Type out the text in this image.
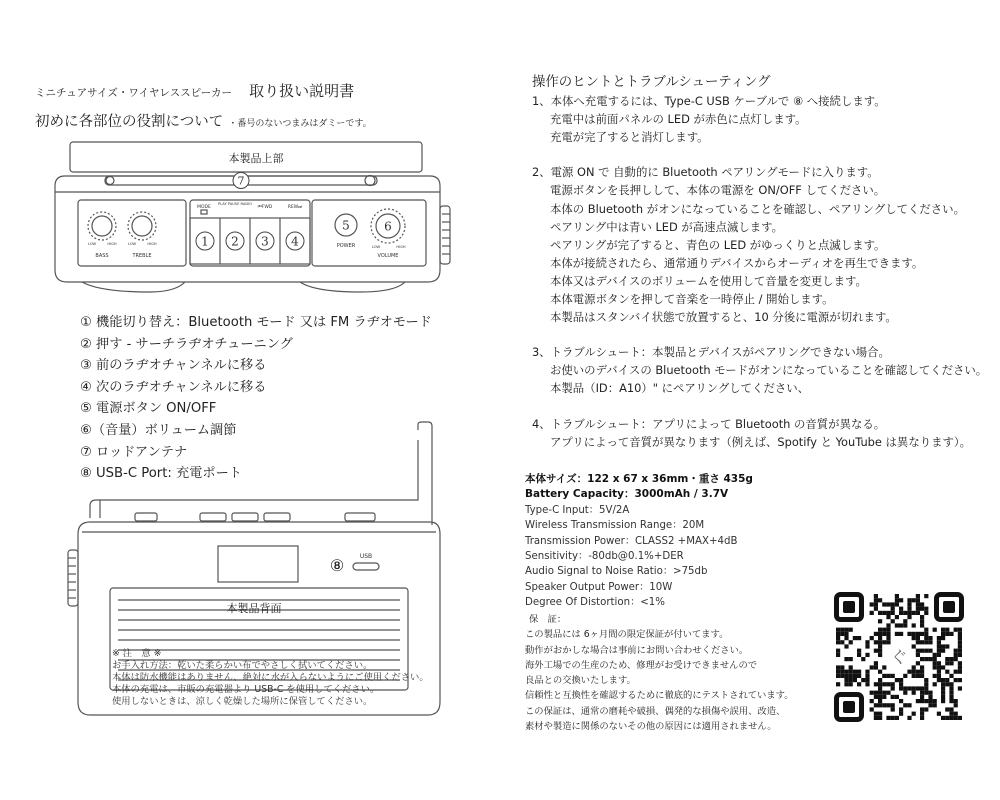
ミニチュアサイズ・ワイヤレススピーカー 取り扱い説明書
初めに各部位の役割について ・番号のないつまみはダミーです。
1 2 3 4
5	6
7
MODE
PLAY PAUSE RADIO
⏮FWD	REW⏭
BASS	TREBLE
POWER
VOLUME
LOW	HIGH	LOW	HIGH
LOW	HIGH
本製品上部
① 機能切り替え：Bluetooth モード 又は FM ラヂオモード
② 押す - サーチラヂオチューニング
③ 前のラヂオチャンネルに移る
④ 次のラヂオチャンネルに移る
⑤ 電源ボタン ON/OFF
⑥（音量）ボリューム調節
⑦ ロッドアンテナ
⑧ USB-C Port: 充電ポート
⑧	USB
本製品背面
※ 注　意 ※
お手入れ方法：乾いた柔らかい布でやさしく拭いてください。
本体は防水機能はありません、絶対に水が入らないようにご使用ください。
本体の充電は、市販の充電器より USB-C を使用してください。
使用しないときは、涼しく乾燥した場所に保管してください。
操作のヒントとトラブルシューティング
1、本体へ充電するには、Type-C USB ケーブルで ⑧ へ接続します。
充電中は前面パネルの LED が赤色に点灯します。
充電が完了すると消灯します。
2、電源 ON で 自動的に Bluetooth ペアリングモードに入ります。
電源ボタンを長押しして、本体の電源を ON/OFF してください。
本体の Bluetooth がオンになっていることを確認し、ペアリングしてください。
ペアリング中は青い LED が高速点滅します。
ペアリングが完了すると、青色の LED がゆっくりと点滅します。
本体が接続されたら、通常通りデバイスからオーディオを再生できます。
本体又はデバイスのボリュームを使用して音量を変更します。
本体電源ボタンを押して音楽を一時停止 / 開始します。
本製品はスタンバイ状態で放置すると、10 分後に電源が切れます。
3、トラブルシュート：本製品とデバイスがペアリングできない場合。
お使いのデバイスの Bluetooth モードがオンになっていることを確認してください。
本製品（ID：A10）" にペアリングしてください、
4、トラブルシュート：アプリによって Bluetooth の音質が異なる。
アプリによって音質が異なります（例えば、Spotify と YouTube は異なります）。
本体サイズ：122 x 67 x 36mm・重さ 435g
Battery Capacity：3000mAh / 3.7V
Type-C Input：5V/2A
Wireless Transmission Range：20M
Transmission Power：CLASS2 +MAX+4dB
Sensitivity：-80db@0.1%+DER
Audio Signal to Noise Ratio：>75db
Speaker Output Power：10W
Degree Of Distortion：<1%
保　証：
この製品には 6ヶ月間の限定保証が付いてます。
動作がおかしな場合は事前にお問い合わせください。
海外工場での生産のため、修理がお受けできませんので
良品との交換いたします。
信頼性と互換性を確認するために徹底的にテストされています。
この保証は、通常の磨耗や破損、偶発的な損傷や誤用、改造、
素材や製造に関係のないその他の原因には適用されません。
ぐ
